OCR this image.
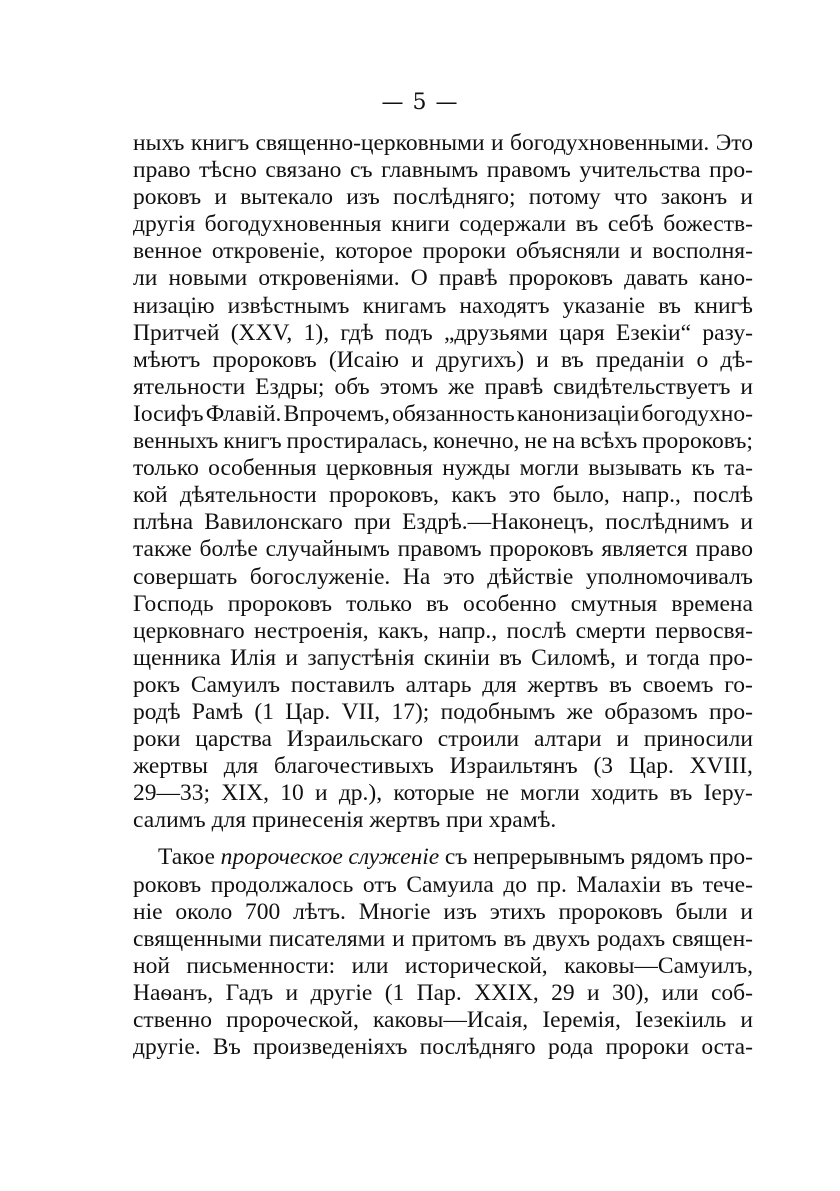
— 5 —
ныхъ книгъ священно-церковными и богодухновенными. Это
право тѣсно связано съ главнымъ правомъ учительства про-
роковъ и вытекало изъ послѣдняго; потому что законъ и
другія богодухновенныя книги содержали въ себѣ божеств-
венное откровеніе, которое пророки объясняли и восполня-
ли новыми откровеніями. О правѣ пророковъ давать кано-
низацію извѣстнымъ книгамъ находятъ указаніе въ книгѣ
Притчей (XXV, 1), гдѣ подъ „друзьями царя Езекіи“ разу-
мѣютъ пророковъ (Исаію и другихъ) и въ преданіи о дѣ-
ятельности Ездры; объ этомъ же правѣ свидѣтельствуетъ и
Іосифъ Флавій. Впрочемъ, обязанность канонизаціи богодухно-
венныхъ книгъ простиралась, конечно, не на всѣхъ пророковъ;
только особенныя церковныя нужды могли вызывать къ та-
кой дѣятельности пророковъ, какъ это было, напр., послѣ
плѣна Вавилонскаго при Ездрѣ.—Наконецъ, послѣднимъ и
также болѣе случайнымъ правомъ пророковъ является право
совершать богослуженіе. На это дѣйствіе уполномочивалъ
Господь пророковъ только въ особенно смутныя времена
церковнаго нестроенія, какъ, напр., послѣ смерти первосвя-
щенника Илія и запустѣнія скиніи въ Силомѣ, и тогда про-
рокъ Самуилъ поставилъ алтарь для жертвъ въ своемъ го-
родѣ Рамѣ (1 Цар. VII, 17); подобнымъ же образомъ про-
роки царства Израильскаго строили алтари и приносили
жертвы для благочестивыхъ Израильтянъ (3 Цар. XVIII,
29—33; XIX, 10 и др.), которые не могли ходить въ Іеру-
салимъ
для
принесенія
жертвъ
при
храмѣ.
Такое пророческое служеніе съ непрерывнымъ рядомъ про-
роковъ продолжалось отъ Самуила до пр. Малахіи въ тече-
ніе около 700 лѣтъ. Многіе изъ этихъ пророковъ были и
священными писателями и притомъ въ двухъ родахъ священ-
ной письменности: или исторической, каковы—Самуилъ,
Наѳанъ, Гадъ и другіе (1 Пар. XXIX, 29 и 30), или соб-
ственно пророческой, каковы—Исаія, Іеремія, Іезекіиль и
другіе. Въ произведеніяхъ послѣдняго рода пророки оста-
